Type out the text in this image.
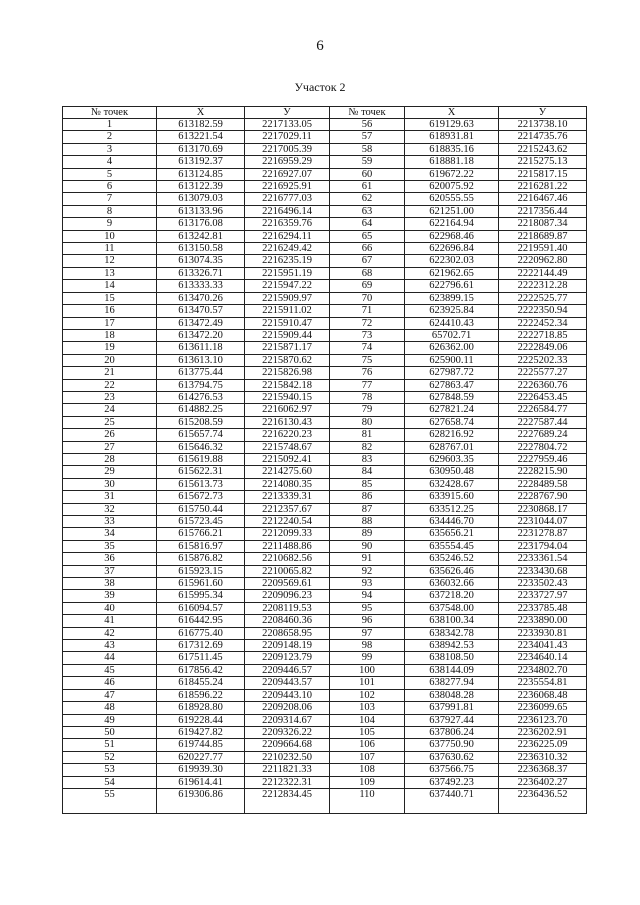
6
Участок 2
№ точек	X	У	№ точек	X	У
1	613182.59	2217133.05	56	619129.63	2213738.10
2	613221.54	2217029.11	57	618931.81	2214735.76
3	613170.69	2217005.39	58	618835.16	2215243.62
4	613192.37	2216959.29	59	618881.18	2215275.13
5	613124.85	2216927.07	60	619672.22	2215817.15
6	613122.39	2216925.91	61	620075.92	2216281.22
7	613079.03	2216777.03	62	620555.55	2216467.46
8	613133.96	2216496.14	63	621251.00	2217356.44
9	613176.08	2216359.76	64	622164.94	2218087.34
10	613242.81	2216294.11	65	622968.46	2218689.87
11	613150.58	2216249.42	66	622696.84	2219591.40
12	613074.35	2216235.19	67	622302.03	2220962.80
13	613326.71	2215951.19	68	621962.65	2222144.49
14	613333.33	2215947.22	69	622796.61	2222312.28
15	613470.26	2215909.97	70	623899.15	2222525.77
16	613470.57	2215911.02	71	623925.84	2222350.94
17	613472.49	2215910.47	72	624410.43	2222452.34
18	613472.20	2215909.44	73	65702.71	2222718.85
19	613611.18	2215871.17	74	626362.00	2222849.06
20	613613.10	2215870.62	75	625900.11	2225202.33
21	613775.44	2215826.98	76	627987.72	2225577.27
22	613794.75	2215842.18	77	627863.47	2226360.76
23	614276.53	2215940.15	78	627848.59	2226453.45
24	614882.25	2216062.97	79	627821.24	2226584.77
25	615208.59	2216130.43	80	627658.74	2227587.44
26	615657.74	2216220.23	81	628216.92	2227689.24
27	615646.32	2215748.67	82	628767.01	2227804.72
28	615619.88	2215092.41	83	629603.35	2227959.46
29	615622.31	2214275.60	84	630950.48	2228215.90
30	615613.73	2214080.35	85	632428.67	2228489.58
31	615672.73	2213339.31	86	633915.60	2228767.90
32	615750.44	2212357.67	87	633512.25	2230868.17
33	615723.45	2212240.54	88	634446.70	2231044.07
34	615766.21	2212099.33	89	635656.21	2231278.87
35	615816.97	2211488.86	90	635554.45	2231794.04
36	615876.82	2210682.56	91	635246.52	2233361.54
37	615923.15	2210065.82	92	635626.46	2233430.68
38	615961.60	2209569.61	93	636032.66	2233502.43
39	615995.34	2209096.23	94	637218.20	2233727.97
40	616094.57	2208119.53	95	637548.00	2233785.48
41	616442.95	2208460.36	96	638100.34	2233890.00
42	616775.40	2208658.95	97	638342.78	2233930.81
43	617312.69	2209148.19	98	638942.53	2234041.43
44	617511.45	2209123.79	99	638108.50	2234640.14
45	617856.42	2209446.57	100	638144.09	2234802.70
46	618455.24	2209443.57	101	638277.94	2235554.81
47	618596.22	2209443.10	102	638048.28	2236068.48
48	618928.80	2209208.06	103	637991.81	2236099.65
49	619228.44	2209314.67	104	637927.44	2236123.70
50	619427.82	2209326.22	105	637806.24	2236202.91
51	619744.85	2209664.68	106	637750.90	2236225.09
52	620227.77	2210232.50	107	637630.62	2236310.32
53	619939.30	2211821.33	108	637566.75	2236368.37
54	619614.41	2212322.31	109	637492.23	2236402.27
55	619306.86	2212834.45	110	637440.71	2236436.52
